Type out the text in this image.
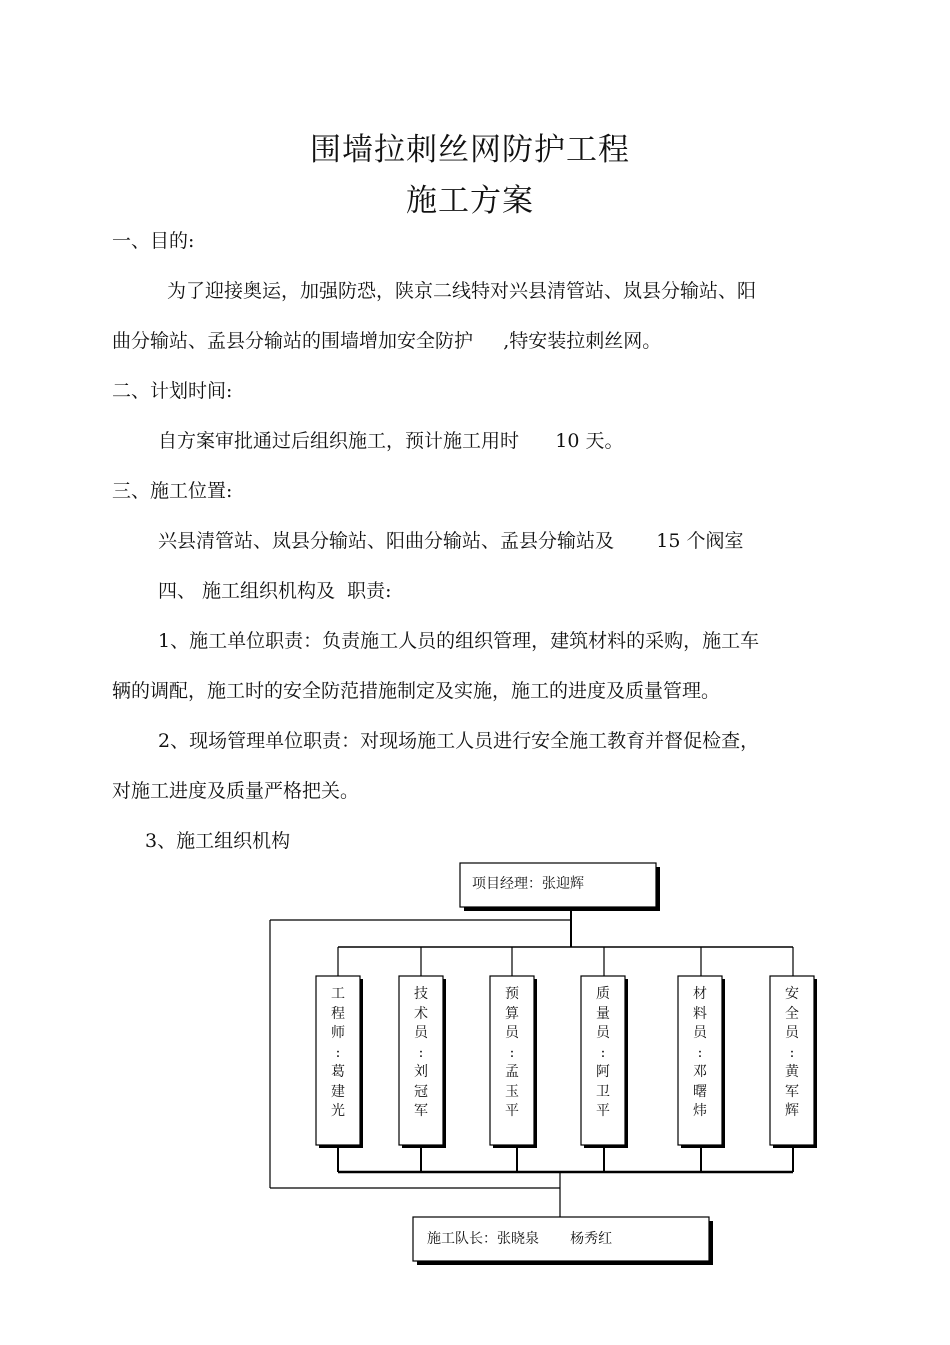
围墙拉刺丝网防护工程
施工方案
一、目的:
为了迎接奥运，加强防恐，陕京二线特对兴县清管站、岚县分输站、阳
曲分输站、孟县分输站的围墙增加安全防护     ,特安装拉刺丝网。
二、计划时间:
自方案审批通过后组织施工，预计施工用时      10 天。
三、施工位置:
兴县清管站、岚县分输站、阳曲分输站、孟县分输站及       15 个阀室
四、 施工组织机构及  职责:
1、施工单位职责：负责施工人员的组织管理，建筑材料的采购，施工车
辆的调配，施工时的安全防范措施制定及实施，施工的进度及质量管理。
2、现场管理单位职责：对现场施工人员进行安全施工教育并督促检查，
对施工进度及质量严格把关。
3、施工组织机构
项目经理：张迎辉
施工队长：张晓泉       杨秀红
工
程
师
:
葛
建
光
技
术
员
:
刘
冠
军
预
算
员
:
孟
玉
平
质
量
员
:
阿
卫
平
材
料
员
:
邓
曙
炜
安
全
员
:
黄
军
辉
